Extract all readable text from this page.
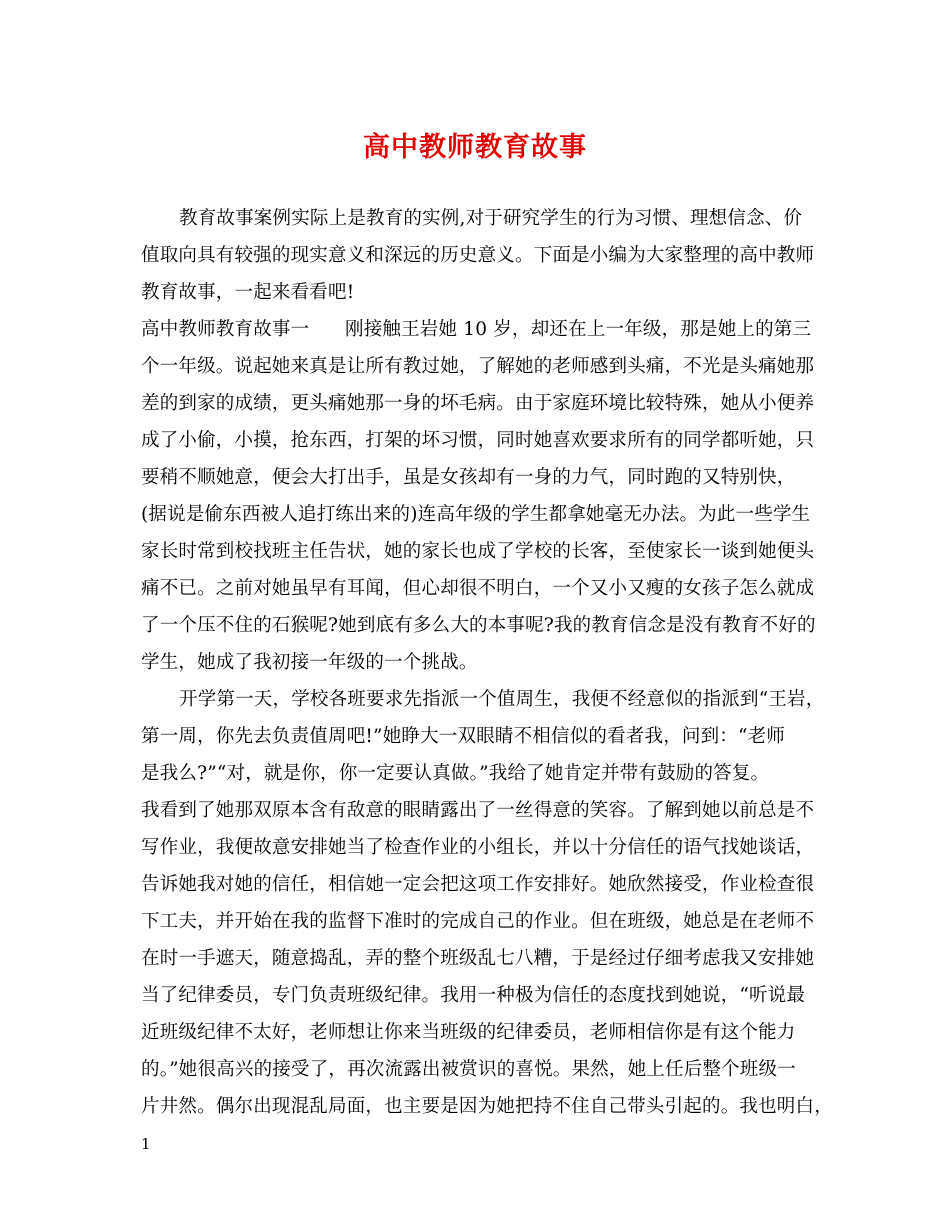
高中教师教育故事
教育故事案例实际上是教育的实例,对于研究学生的行为习惯、理想信念、价
值取向具有较强的现实意义和深远的历史意义。下面是小编为大家整理的高中教师
教育故事，一起来看看吧!
高中教师教育故事一 刚接触王岩她 10 岁，却还在上一年级，那是她上的第三
个一年级。说起她来真是让所有教过她，了解她的老师感到头痛，不光是头痛她那
差的到家的成绩，更头痛她那一身的坏毛病。由于家庭环境比较特殊，她从小便养
成了小偷，小摸，抢东西，打架的坏习惯，同时她喜欢要求所有的同学都听她，只
要稍不顺她意，便会大打出手，虽是女孩却有一身的力气，同时跑的又特别快，
(据说是偷东西被人追打练出来的)连高年级的学生都拿她毫无办法。为此一些学生
家长时常到校找班主任告状，她的家长也成了学校的长客，至使家长一谈到她便头
痛不已。之前对她虽早有耳闻，但心却很不明白，一个又小又瘦的女孩子怎么就成
了一个压不住的石猴呢?她到底有多么大的本事呢?我的教育信念是没有教育不好的
学生，她成了我初接一年级的一个挑战。
开学第一天，学校各班要求先指派一个值周生，我便不经意似的指派到“王岩，
第一周，你先去负责值周吧!”她睁大一双眼睛不相信似的看者我，问到：“老师
是我么?”“对，就是你，你一定要认真做。”我给了她肯定并带有鼓励的答复。
我看到了她那双原本含有敌意的眼睛露出了一丝得意的笑容。了解到她以前总是不
写作业，我便故意安排她当了检查作业的小组长，并以十分信任的语气找她谈话，
告诉她我对她的信任，相信她一定会把这项工作安排好。她欣然接受，作业检查很
下工夫，并开始在我的监督下准时的完成自己的作业。但在班级，她总是在老师不
在时一手遮天，随意捣乱，弄的整个班级乱七八糟，于是经过仔细考虑我又安排她
当了纪律委员，专门负责班级纪律。我用一种极为信任的态度找到她说，“听说最
近班级纪律不太好，老师想让你来当班级的纪律委员，老师相信你是有这个能力
的。”她很高兴的接受了，再次流露出被赏识的喜悦。果然，她上任后整个班级一
片井然。偶尔出现混乱局面，也主要是因为她把持不住自己带头引起的。我也明白，
1
